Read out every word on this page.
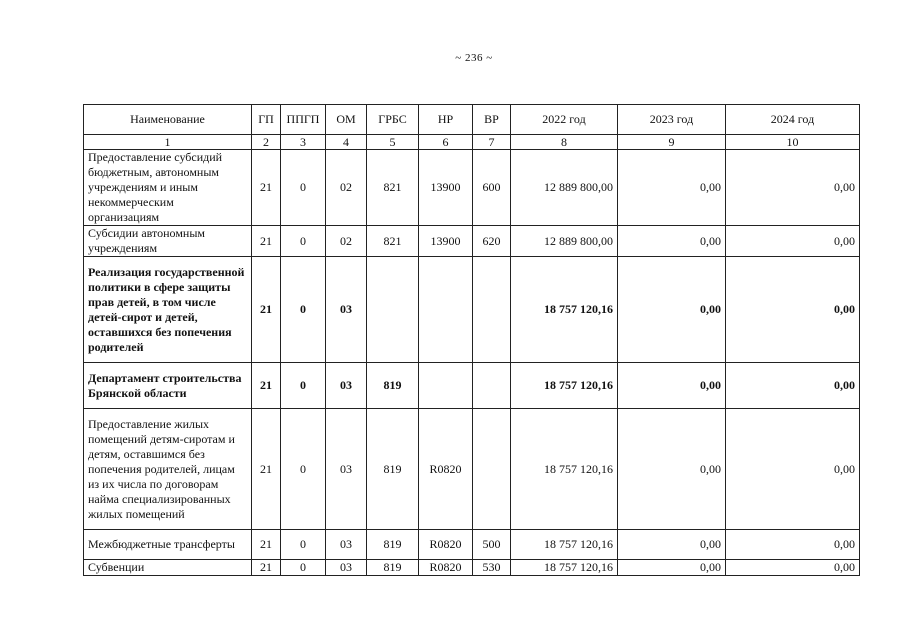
~ 236 ~
Наименование	ГП	ППГП	ОМ	ГРБС	НР	ВР	2022 год	2023 год	2024 год
1	2	3	4	5	6	7	8	9	10
Предоставление субсидий бюджетным, автономным учреждениям и иным некоммерческим организациям	21	0	02	821	13900	600	12 889 800,00	0,00	0,00
Субсидии автономным учреждениям	21	0	02	821	13900	620	12 889 800,00	0,00	0,00
Реализация государственной политики в сфере защиты прав детей, в том числе детей-сирот и детей, оставшихся без попечения родителей	21	0	03				18 757 120,16	0,00	0,00
Департамент строительства Брянской области	21	0	03	819			18 757 120,16	0,00	0,00
Предоставление жилых помещений детям-сиротам и детям, оставшимся без попечения родителей, лицам из их числа по договорам найма специализированных жилых помещений	21	0	03	819	R0820		18 757 120,16	0,00	0,00
Межбюджетные трансферты	21	0	03	819	R0820	500	18 757 120,16	0,00	0,00
Субвенции	21	0	03	819	R0820	530	18 757 120,16	0,00	0,00
